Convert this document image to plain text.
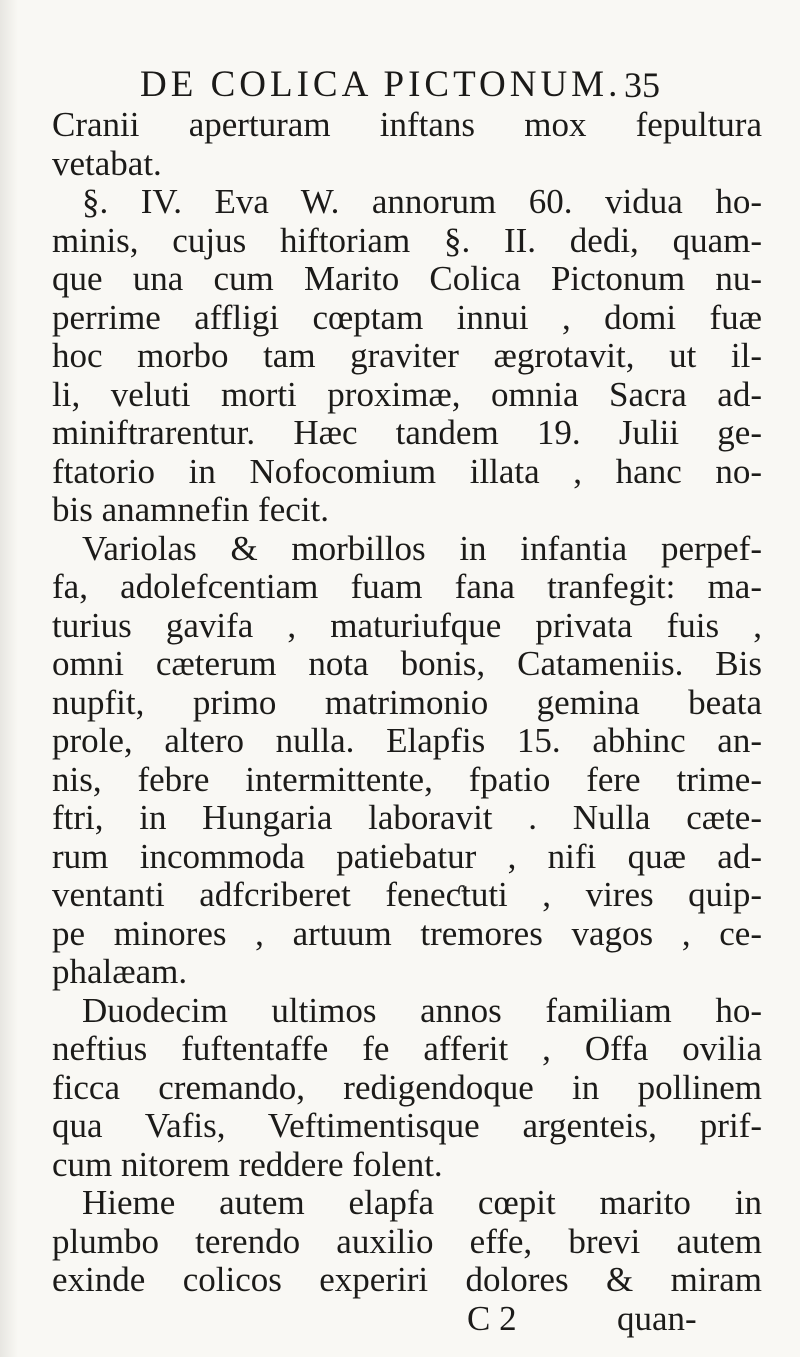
DE COLICA PICTONUM. 35
Cranii aperturam inftans mox fepultura
vetabat.
§. IV. Eva W. annorum 60. vidua ho-
minis, cujus hiftoriam §. II. dedi, quam-
que una cum Marito Colica Pictonum nu-
perrime affligi cœptam innui , domi fuæ
hoc morbo tam graviter ægrotavit, ut il-
li, veluti morti proximæ, omnia Sacra ad-
miniftrarentur. Hæc tandem 19. Julii ge-
ftatorio in Nofocomium illata , hanc no-
bis anamnefin fecit.
Variolas & morbillos in infantia perpef-
fa, adolefcentiam fuam fana tranfegit: ma-
turius gavifa , maturiufque privata fuis ,
omni cæterum nota bonis, Catameniis. Bis
nupfit, primo matrimonio gemina beata
prole, altero nulla. Elapfis 15. abhinc an-
nis, febre intermittente, fpatio fere trime-
ftri, in Hungaria laboravit . Nulla cæte-
rum incommoda patiebatur , nifi quæ ad-
ventanti adfcriberet feneƈtuti , vires quip-
pe minores , artuum tremores vagos , ce-
phalæam.
Duodecim ultimos annos familiam ho-
neftius fuftentaffe fe afferit , Offa ovilia
ficca cremando, redigendoque in pollinem
qua Vafis, Veftimentisque argenteis, prif-
cum nitorem reddere folent.
Hieme autem elapfa cœpit marito in
plumbo terendo auxilio effe, brevi autem
exinde colicos experiri dolores & miram
C 2	quan-
